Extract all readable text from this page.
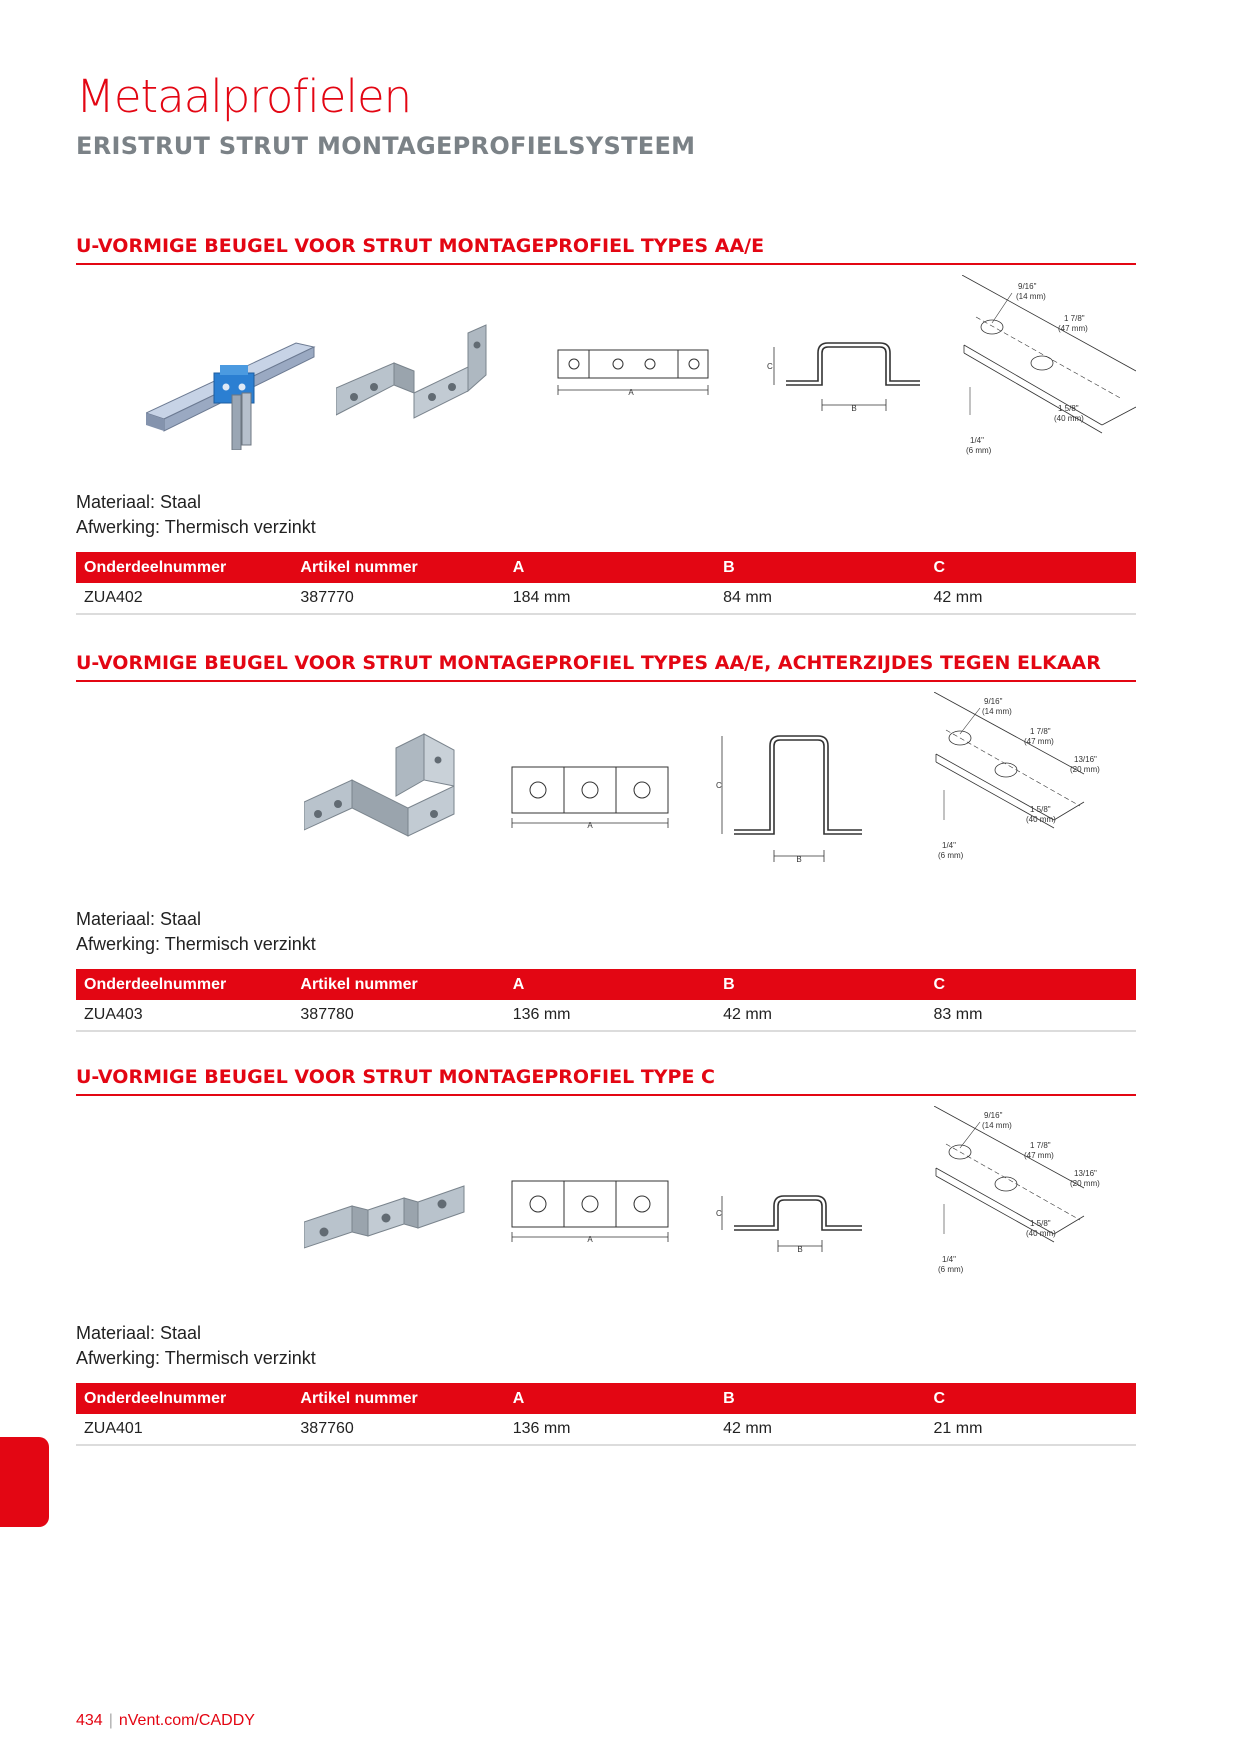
Metaalprofielen
ERISTRUT STRUT MONTAGEPROFIELSYSTEEM
U-VORMIGE BEUGEL VOOR STRUT MONTAGEPROFIEL TYPES AA/E
A
C
B
9/16"
(14 mm)
1 7/8"
(47 mm)
1 5/8"
(40 mm)
1/4"
(6 mm)
Materiaal: Staal
Afwerking: Thermisch verzinkt
Onderdeelnummer	Artikel nummer	A	B	C
ZUA402	387770	184 mm	84 mm	42 mm
U-VORMIGE BEUGEL VOOR STRUT MONTAGEPROFIEL TYPES AA/E, ACHTERZIJDES TEGEN ELKAAR
A
C
B
9/16"
(14 mm)
1 7/8"
(47 mm)
13/16"
(20 mm)
1 5/8"
(40 mm)
1/4"
(6 mm)
Materiaal: Staal
Afwerking: Thermisch verzinkt
Onderdeelnummer	Artikel nummer	A	B	C
ZUA403	387780	136 mm	42 mm	83 mm
U-VORMIGE BEUGEL VOOR STRUT MONTAGEPROFIEL TYPE C
A
C
B
9/16"
(14 mm)
1 7/8"
(47 mm)
13/16"
(20 mm)
1 5/8"
(40 mm)
1/4"
(6 mm)
Materiaal: Staal
Afwerking: Thermisch verzinkt
Onderdeelnummer	Artikel nummer	A	B	C
ZUA401	387760	136 mm	42 mm	21 mm
434 | nVent.com/CADDY
